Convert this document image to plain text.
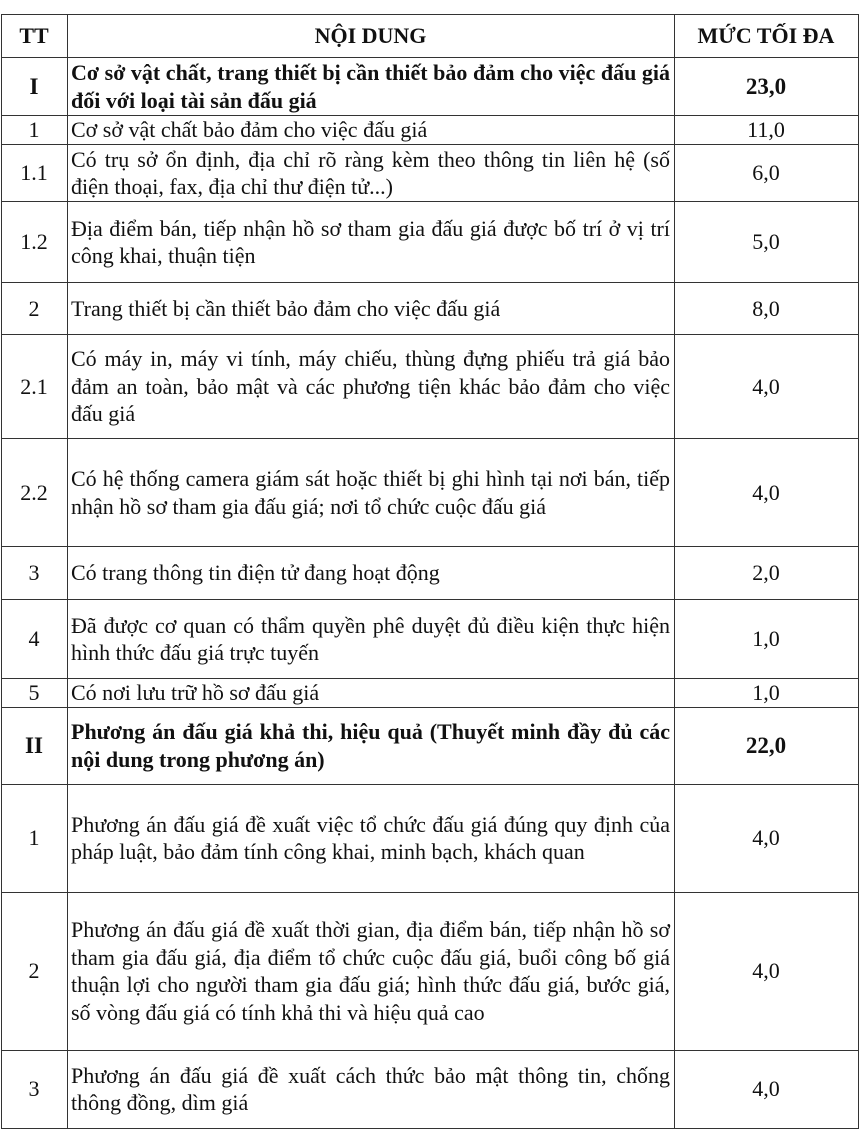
TT	NỘI DUNG	MỨC TỐI ĐA
I	Cơ sở vật chất, trang thiết bị cần thiết bảo đảm cho việc đấu giá đối với loại tài sản đấu giá	23,0
1	Cơ sở vật chất bảo đảm cho việc đấu giá	11,0
1.1	Có trụ sở ổn định, địa chỉ rõ ràng kèm theo thông tin liên hệ (số điện thoại, fax, địa chỉ thư điện tử...)	6,0
1.2	Địa điểm bán, tiếp nhận hồ sơ tham gia đấu giá được bố trí ở vị trí công khai, thuận tiện	5,0
2	Trang thiết bị cần thiết bảo đảm cho việc đấu giá	8,0
2.1	Có máy in, máy vi tính, máy chiếu, thùng đựng phiếu trả giá bảo đảm an toàn, bảo mật và các phương tiện khác bảo đảm cho việc đấu giá	4,0
2.2	Có hệ thống camera giám sát hoặc thiết bị ghi hình tại nơi bán, tiếp nhận hồ sơ tham gia đấu giá; nơi tổ chức cuộc đấu giá	4,0
3	Có trang thông tin điện tử đang hoạt động	2,0
4	Đã được cơ quan có thẩm quyền phê duyệt đủ điều kiện thực hiện hình thức đấu giá trực tuyến	1,0
5	Có nơi lưu trữ hồ sơ đấu giá	1,0
II	Phương án đấu giá khả thi, hiệu quả (Thuyết minh đầy đủ các nội dung trong phương án)	22,0
1	Phương án đấu giá đề xuất việc tổ chức đấu giá đúng quy định của pháp luật, bảo đảm tính công khai, minh bạch, khách quan	4,0
2	Phương án đấu giá đề xuất thời gian, địa điểm bán, tiếp nhận hồ sơ tham gia đấu giá, địa điểm tổ chức cuộc đấu giá, buổi công bố giá thuận lợi cho người tham gia đấu giá; hình thức đấu giá, bước giá, số vòng đấu giá có tính khả thi và hiệu quả cao	4,0
3	Phương án đấu giá đề xuất cách thức bảo mật thông tin, chống thông đồng, dìm giá	4,0
